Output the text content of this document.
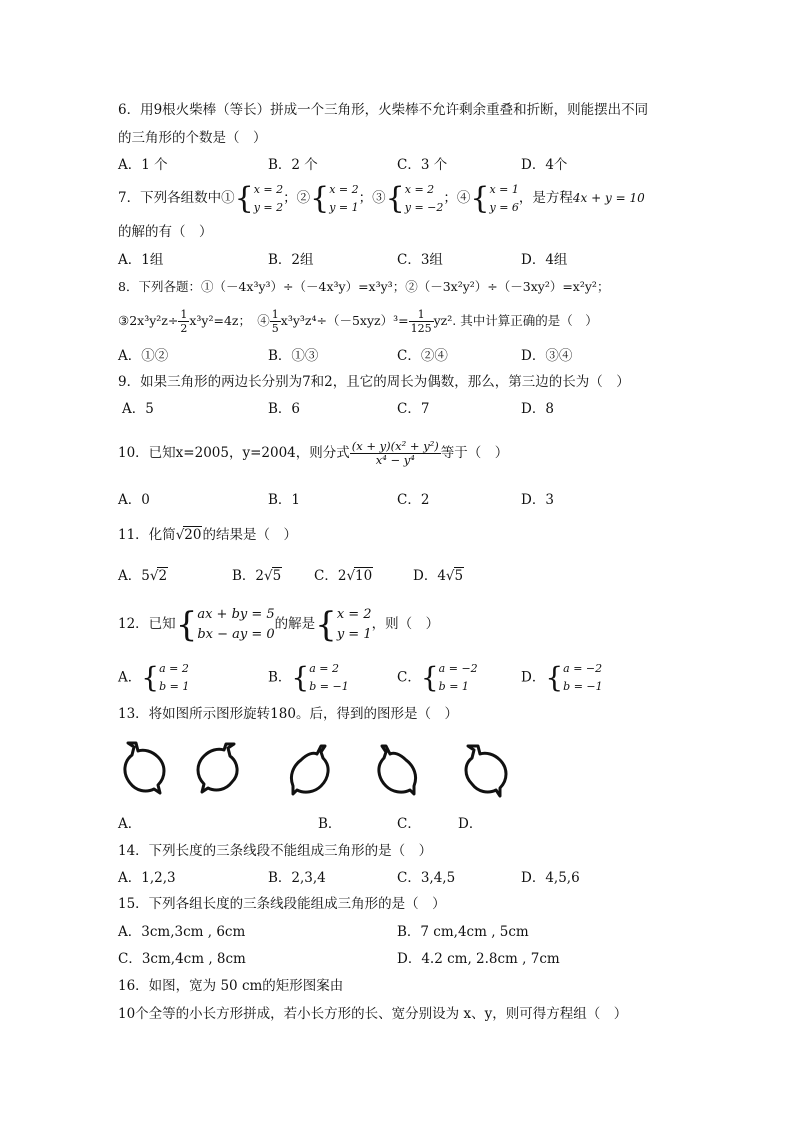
6．用9根火柴棒（等长）拼成一个三角形，火柴棒不允许剩余重叠和折断，则能摆出不同
的三角形的个数是（　）
A．1 个	B．2 个	C．3 个	D．4个
7．下列各组数中①{ x = 2
y = 2
；②{ x = 2
y = 1
；③{ x = 2
y = −2
；④{ x = 1
y = 6
，是方程4x + y = 10
的解的有（　）
A．1组	B．2组	C．3组	D．4组
8．下列各题：①（－4x³y³）÷（－4x³y）=x³y³；②（－3x²y²）÷（－3xy²）=x²y²；
③2x³y²z÷ $\frac{1}{2} x^3y^2=4z$；　④ $\frac{1}{5} x^3y^3z^4\div(-5xyz)^3= \frac{1}{125} yz^2$. 其中计算正确的是（　）
A．①②	B．①③	C．②④	D．③④
9．如果三角形的两边长分别为7和2，且它的周长为偶数，那么，第三边的长为（　）
A．5	B．6	C．7	D．8
10．已知x=2005，y=2004，则分式 $\frac{\text{(x + y)(x² + y²)}}{\text{x⁴ − y⁴}}$ 等于（　）
A．0	B．1	C．2	D．3
11．化简√20的结果是（　）
A．5√2	B．2√5 C．2√10	D．4√5
12．已知{ ax + by = 5
bx − ay = 0
的解是{ x = 2
y = 1
，则（　）
A．{ a = 2
b = 1
B．{ a = 2
b = −1
C．{ a = −2
b = 1
D．{ a = −2
b = −1
13．将如图所示图形旋转180。后，得到的图形是（　）
A．	B．	C．	D．
14．下列长度的三条线段不能组成三角形的是（　）
A．1,2,3	B．2,3,4	C．3,4,5	D．4,5,6
15．下列各组长度的三条线段能组成三角形的是（　）
A．3cm,3cm , 6cm	B．7 cm,4cm , 5cm
C．3cm,4cm , 8cm	D．4.2 cm, 2.8cm , 7cm
16．如图，宽为 50 cm的矩形图案由
10个全等的小长方形拼成，若小长方形的长、宽分别设为 x、y，则可得方程组（　）
